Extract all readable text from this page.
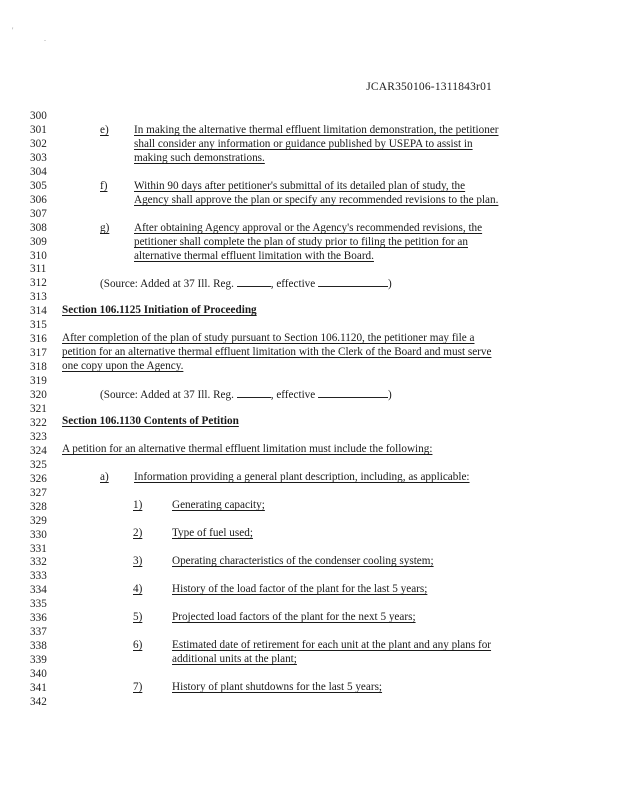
'
.
JCAR350106-1311843r01
300
301
302
303
304
305
306
307
308
309
310
311
312
313
314
315
316
317
318
319
320
321
322
323
324
325
326
327
328
329
330
331
332
333
334
335
336
337
338
339
340
341
342
e) In making the alternative thermal effluent limitation demonstration, the petitioner
shall consider any information or guidance published by USEPA to assist in
making such demonstrations.
f) Within 90 days after petitioner's submittal of its detailed plan of study, the
Agency shall approve the plan or specify any recommended revisions to the plan.
g) After obtaining Agency approval or the Agency's recommended revisions, the
petitioner shall complete the plan of study prior to filing the petition for an
alternative thermal effluent limitation with the Board.
(Source: Added at 37 Ill. Reg.	, effective	)
Section 106.1125 Initiation of Proceeding
After completion of the plan of study pursuant to Section 106.1120, the petitioner may file a
petition for an alternative thermal effluent limitation with the Clerk of the Board and must serve
one copy upon the Agency.
(Source: Added at 37 Ill. Reg.	, effective	)
Section 106.1130 Contents of Petition
A petition for an alternative thermal effluent limitation must include the following:
a) Information providing a general plant description, including, as applicable:
1)	Generating capacity;
2)	Type of fuel used;
3)	Operating characteristics of the condenser cooling system;
4)	History of the load factor of the plant for the last 5 years;
5)	Projected load factors of the plant for the next 5 years;
6)	Estimated date of retirement for each unit at the plant and any plans for
additional units at the plant;
7)	History of plant shutdowns for the last 5 years;
